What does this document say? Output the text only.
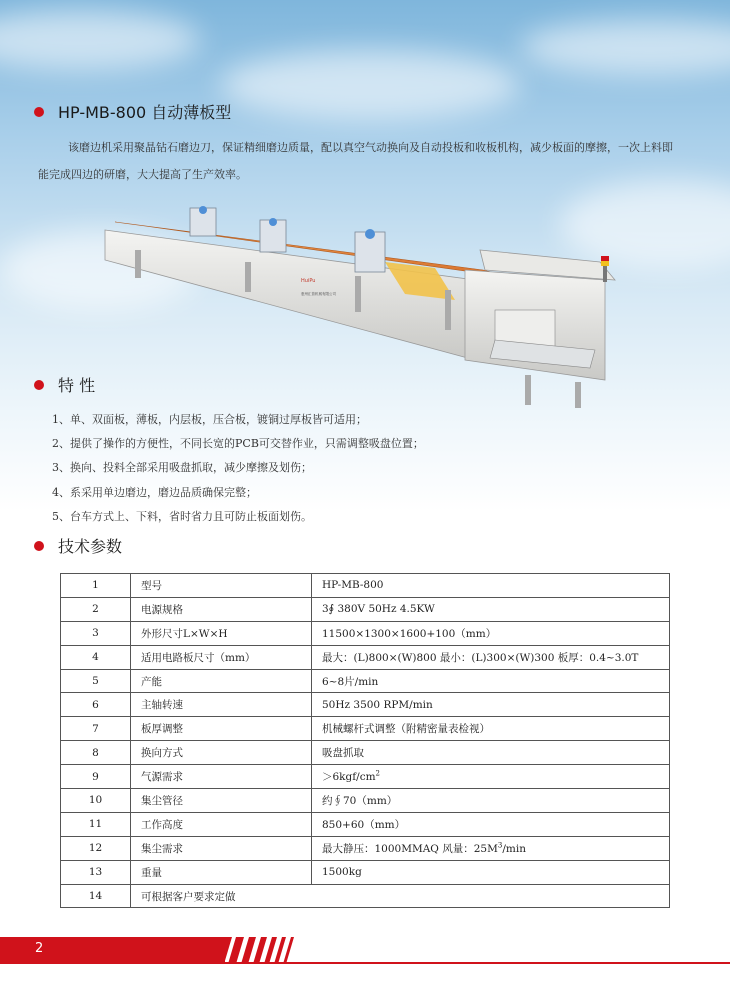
HP-MB-800 自动薄板型

该磨边机采用聚晶钻石磨边刀，保证精细磨边质量，配以真空气动换向及自动投板和收板机构，减少板面的摩擦，一次上料即能完成四边的研磨，大大提高了生产效率。

HuiPu
惠州汇普机械有限公司
特 性
1、单、双面板，薄板，内层板，压合板，镀铜过厚板皆可适用；
2、提供了操作的方便性，不同长宽的PCB可交替作业，只需调整吸盘位置；
3、换向、投料全部采用吸盘抓取，减少摩擦及划伤；
4、系采用单边磨边，磨边品质确保完整；
5、台车方式上、下料，省时省力且可防止板面划伤。
技术参数
1	型号	HP-MB-800
2	电源规格	3∮ 380V 50Hz 4.5KW
3	外形尺寸L×W×H	11500×1300×1600+100（mm）
4	适用电路板尺寸（mm）	最大：(L)800×(W)800 最小：(L)300×(W)300 板厚：0.4~3.0T
5	产能	6~8片/min
6	主轴转速	50Hz 3500 RPM/min
7	板厚调整	机械螺杆式调整（附精密量表检视）
8	换向方式	吸盘抓取
9	气源需求	$>6kgf/cm^2$
10	集尘管径	约∮70（mm）
11	工作高度	850+60（mm）
12	集尘需求	最大静压：1000MMAQ 风量：$25M^3/\min$
13	重量	1500kg
14	可根据客户要求定做	
2
